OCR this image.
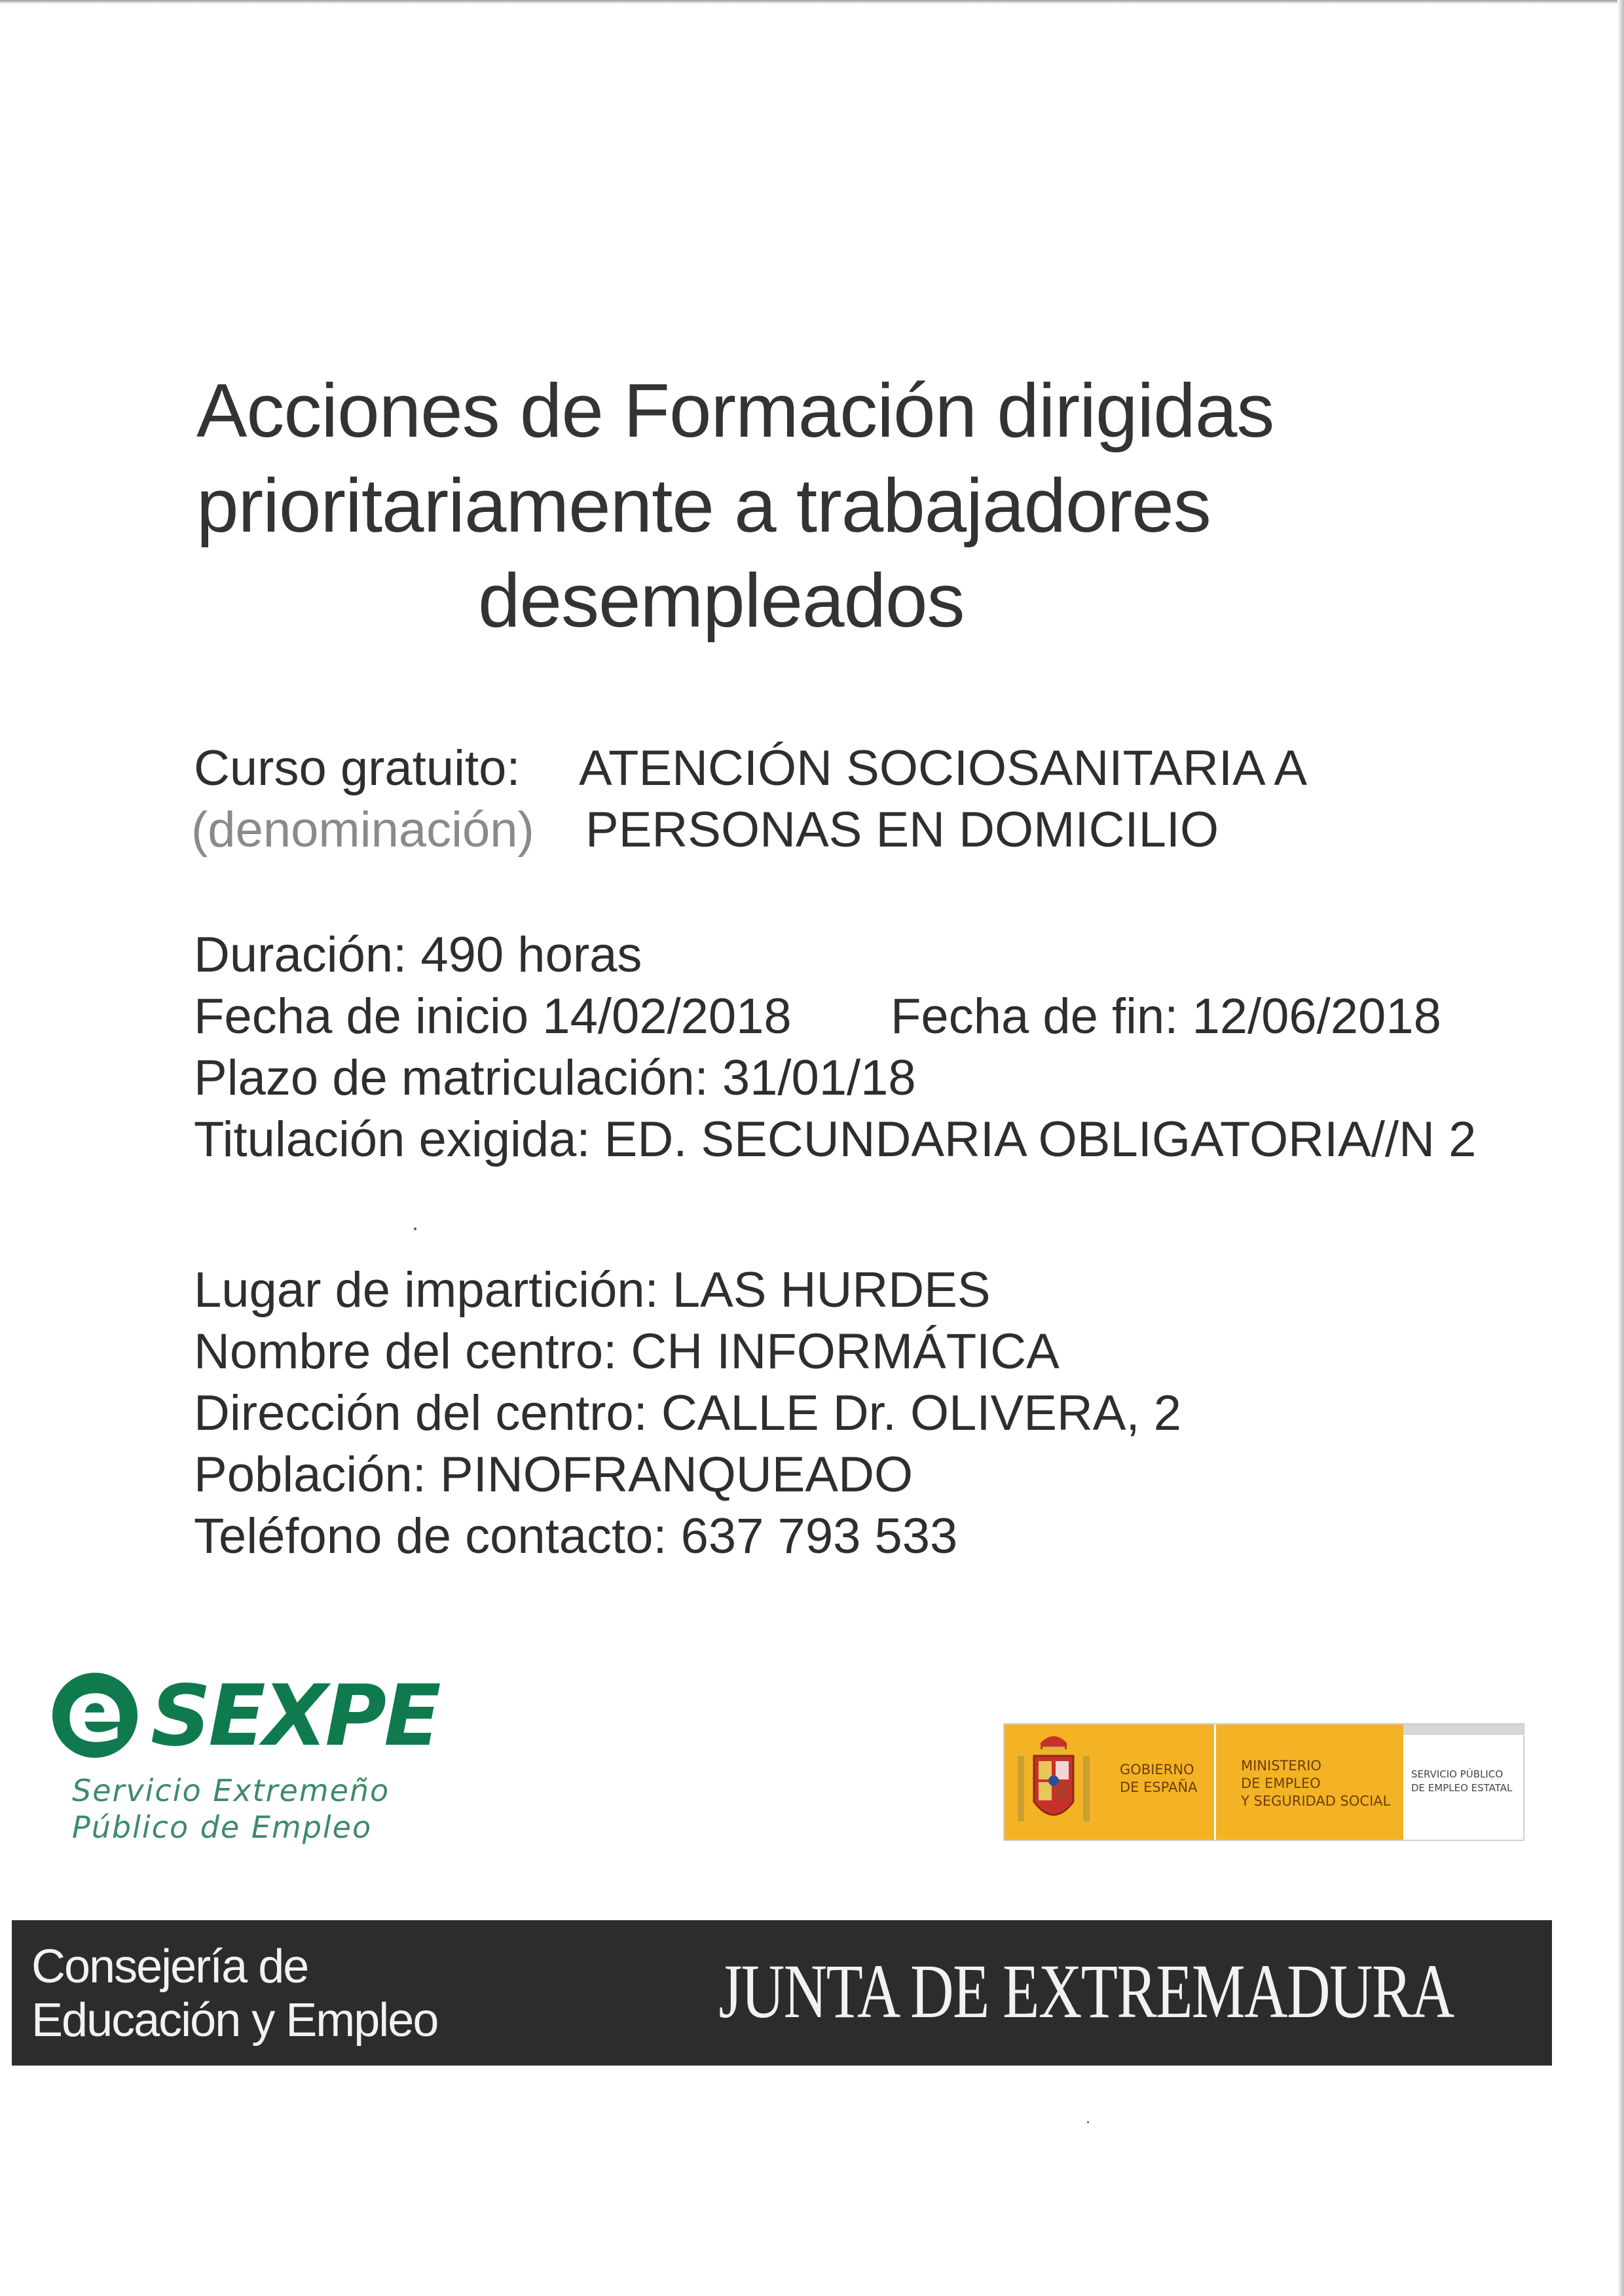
Acciones de Formación dirigidas
prioritariamente a trabajadores
desempleados
Curso gratuito:
(denominación)
ATENCIÓN SOCIOSANITARIA A
PERSONAS EN DOMICILIO
Duración: 490 horas
Fecha de inicio 14/02/2018 Fecha de fin: 12/06/2018
Plazo de matriculación: 31/01/18
Titulación exigida: ED. SECUNDARIA OBLIGATORIA//N 2
Lugar de impartición: LAS HURDES
Nombre del centro: CH INFORMÁTICA
Dirección del centro: CALLE Dr. OLIVERA, 2
Población: PINOFRANQUEADO
Teléfono de contacto: 637 793 533
e SEXPE
Servicio Extremeño
Público de Empleo
GOBIERNO
DE ESPAÑA
MINISTERIO
DE EMPLEO
Y SEGURIDAD SOCIAL
SERVICIO PÚBLICO
DE EMPLEO ESTATAL
Consejería de
Educación y Empleo	JUNTA DE EXTREMADURA
